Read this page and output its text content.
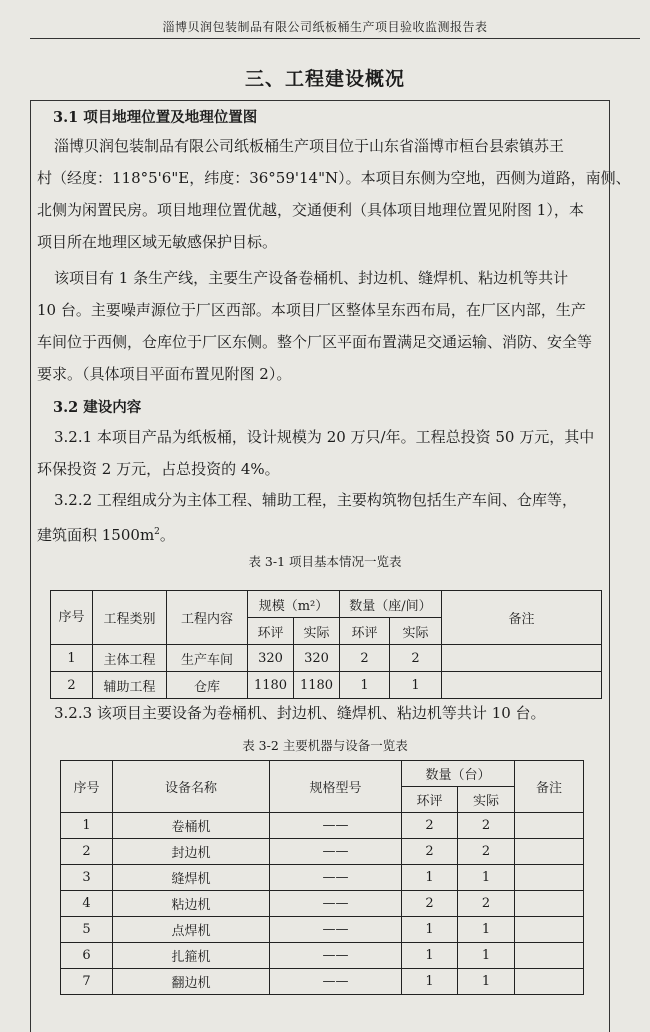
淄博贝润包装制品有限公司纸板桶生产项目验收监测报告表
三、工程建设概况
3.1 项目地理位置及地理位置图
淄博贝润包装制品有限公司纸板桶生产项目位于山东省淄博市桓台县索镇苏王
村（经度：118°5'6"E，纬度：36°59'14"N）。本项目东侧为空地，西侧为道路，南侧、
北侧为闲置民房。项目地理位置优越，交通便利（具体项目地理位置见附图 1），本
项目所在地理区域无敏感保护目标。
该项目有 1 条生产线，主要生产设备卷桶机、封边机、缝焊机、粘边机等共计
10 台。主要噪声源位于厂区西部。本项目厂区整体呈东西布局，在厂区内部，生产
车间位于西侧，仓库位于厂区东侧。整个厂区平面布置满足交通运输、消防、安全等
要求。（具体项目平面布置见附图 2）。
3.2 建设内容
3.2.1 本项目产品为纸板桶，设计规模为 20 万只/年。工程总投资 50 万元，其中
环保投资 2 万元，占总投资的 4%。
3.2.2 工程组成分为主体工程、辅助工程，主要构筑物包括生产车间、仓库等，
建筑面积 $1500m^2$。
表 3-1 项目基本情况一览表
序号	工程类别	工程内容	规模（m²）		数量（座/间）		备注
			环评	实际	环评	实际	
1	主体工程	生产车间	320	320	2	2	
2	辅助工程	仓库	1180	1180	1	1	
3.2.3 该项目主要设备为卷桶机、封边机、缝焊机、粘边机等共计 10 台。
表 3-2 主要机器与设备一览表
序号	设备名称	规格型号	数量（台）		备注
			环评	实际	
1	卷桶机	——	2	2	
2	封边机	——	2	2	
3	缝焊机	——	1	1	
4	粘边机	——	2	2	
5	点焊机	——	1	1	
6	扎箍机	——	1	1	
7	翻边机	——	1	1	
